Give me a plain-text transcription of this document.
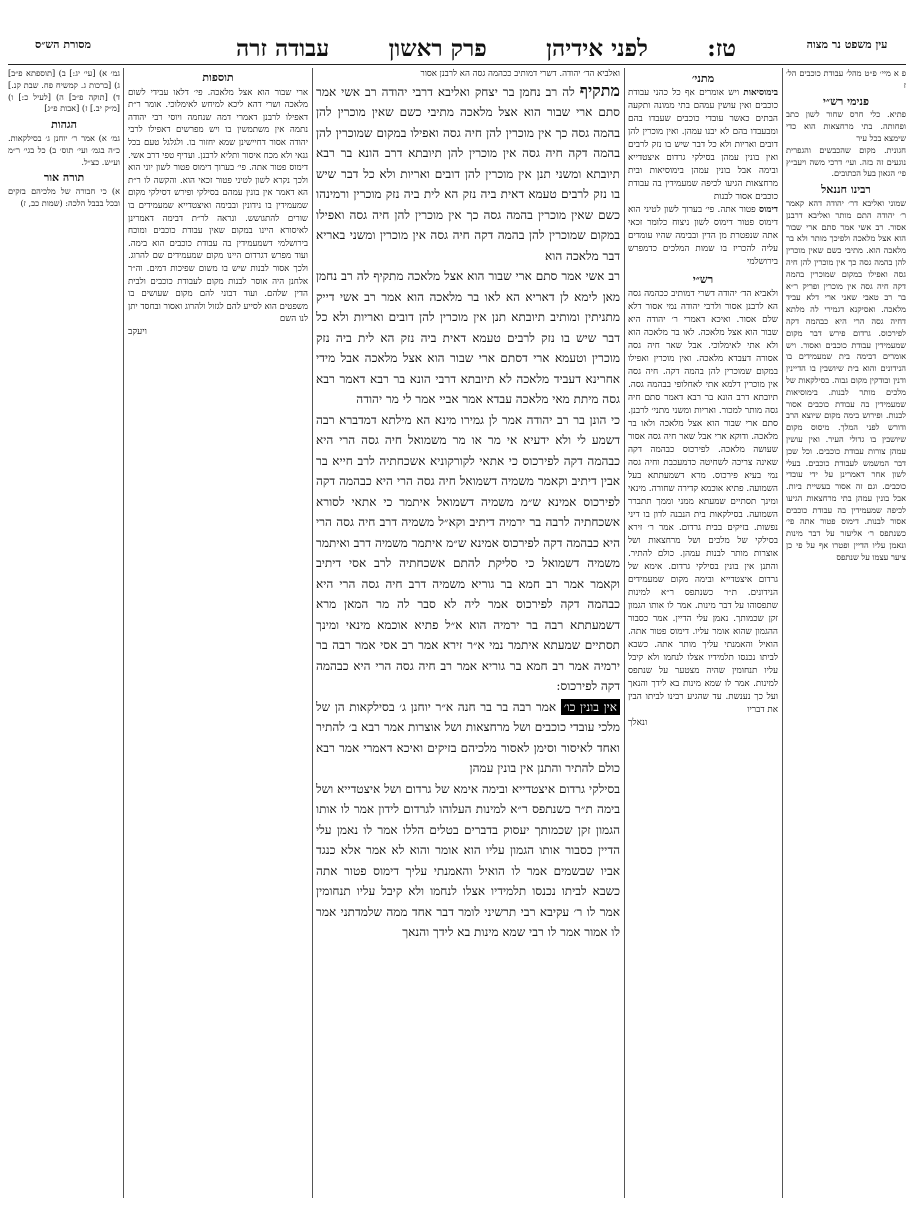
מסורת הש״ס	טז:
לפני אידיהן
פרק ראשון
עבודה זרה	עין משפט נר מצוה
גמ׳ א) [עי׳ יג:] ב) [תוספתא פ״ב] ג) [ברכות ג. קמשיח פח. שבת קנ.] ד) [תוקה פ״ב] ה) [לעיל כ:] ו) [מ״ק יב.] ז) [אבות פ״ג]
הגהות
גמ׳ א) אמר ר׳ יוחנן ג׳ בסילקאות. כ״ה בגמ׳ ועי׳ תוס׳ ב) כל בגי׳ ר״מ וע״ש. כצ״ל.
תורה אור
א) כי חבורה של מלכיהם בזקים ובכל בבבל הלכה: (שמות כב, ז)
תוספות
ארי שבור הוא אצל מלאכה. פי׳ דלאו עבידי לשום מלאכה ושרי דהא ליכא למיחש לאימלוכי. אומר ר״ת דאפילו לרבנן דאמרי דמה שנחמה ויוסי רבי יהודה נתמה אין משתמשין בו ויש מפרשים דאפילו לרבי יהודה אסור דחיישינן שמא יחזור בו. ולגלגל טעם בכל גנאי ולא מכח איסור ותליא לרבנן. ועדיף טפי דרב אשי. דימוס פטור אתה. פי׳ בערוך דימוס פטור לשון יוני הוא ולכך נקרא לשון לטיני פטור זכאי הוא. והקשה לו ר״ת הא דאמר אין בונין עמהם בסילקי ופירש דסילקי מקום שמעמידין בו נידונין ובבימה ואיצטדייא שמעמידים בו שורים להתגושש. ונראה לר״ת דבימה דאמרינן לאיסורא היינו במקום שאין עבודת כוכבים ומוכח בירושלמי דשמעמידין בה עבודת כוכבים הוא בימה. ועוד מפרש דגרדום היינו מקום שמעמידים שם להרוג. ולכך אסור לבנות שיש בו משום שפיכות דמים. וה״ר אלחנן היה אוסר לבנות מקום לעבודת כוכבים ולבית הדין שלהם. ועוד דבוני להם מקום שעושים בו משפטים הוא לסייע להם לגזול ולהרוג ואסור ובחסד יתן לנו השם
ויעקב
ואלביא הד׳ יהודה. דשרי דמותיב ככהמה גסה הא לרבנן אסור
מתקיף לה רב נחמן בר יצחק ואליבא דרבי יהודה רב אשי אמר סתם ארי שבור הוא אצל מלאכה מתיבי כשם שאין מוכרין להן בהמה גסה כך אין מוכרין להן חיה גסה ואפילו במקום שמוכרין להן בהמה דקה חיה גסה אין מוכרין להן תיובתא דרב הונא בר רבא תיובתא ומשני תנן אין מוכרין להן דובים ואריות ולא כל דבר שיש בו נזק לרבים טעמא דאית ביה נזק הא לית ביה נזק מוכרין ורמינהו כשם שאין מוכרין בהמה גסה כך אין מוכרין להן חיה גסה ואפילו במקום שמוכרין להן בהמה דקה חיה גסה אין מוכרין ומשני באריא דבר מלאכה הוא
רב אשי אמר סתם ארי שבור הוא אצל מלאכה מתקיף לה רב נחמן מאן לימא לן דאריא הא לאו בר מלאכה הוא אמר רב אשי דייק מתניתין ומותיב תיובתא תנן אין מוכרין להן דובים ואריות ולא כל דבר שיש בו נזק לרבים טעמא דאית ביה נזק הא לית ביה נזק מוכרין וטעמא ארי דסתם ארי שבור הוא אצל מלאכה אבל מידי אחרינא דעביד מלאכה לא תיובתא דרבי הונא בר רבא דאמר רבא גסה מיתת מאי מלאכה עבדא אמר אביי אמר לי מר יהודה
כי הונן בר רב יהודה אמר לן גמירו מינא הא מילתא דמדברא רבה דשמע לי ולא ידעיא אי מר או מר משמואל חיה גסה הרי היא כבהמה דקה לפירכוס כי אתאי לקורקוניא אשכחתיה לרב חייא בר אבין דיתיב וקאמר משמיה דשמואל חיה גסה הרי היא כבהמה דקה לפירכוס אמינא ש״מ משמיה דשמואל איתמר כי אתאי לסורא אשכחתיה לרבה בר ירמיה דיתיב וקא״ל משמיה דרב חיה גסה הרי היא כבהמה דקה לפירכוס אמינא ש״מ איתמר משמיה דרב ואיתמר משמיה דשמואל כי סליקת להתם אשכחתיה לרב אסי דיתיב וקאמר אמר רב חמא בר גוריא משמיה דרב חיה גסה הרי היא כבהמה דקה לפירכוס אמר ליה לא סבר לה מר המאן מרא דשמעתתא רבה בר ירמיה הוא א״ל פתיא אוכמא מינאי ומינך תסתיים שמעתא איתמר נמי א״ר זירא אמר רב אסי אמר רבה בר ירמיה אמר רב חמא בר גוריא אמר רב חיה גסה הרי היא כבהמה דקה לפירכוס:
אין בונין כו׳ אמר רבה בר בר חנה א״ר יוחנן ג׳ בסילקאות הן של מלכי עובדי כוכבים ושל מרחצאות ושל אוצרות אמר רבא ב׳ להתיר ואחד לאיסור וסימן לאסור מלכיהם בזיקים ואיכא דאמרי אמר רבא כולם להתיר והתנן אין בונין עמהן
בסילקי גרדום איצטדייא ובימה אימא של גרדום ושל איצטדייא ושל בימה ת״ר כשנתפס ר״א למינות העלוהו לגרדום לידון אמר לו אותו הגמון זקן שכמותך יעסוק בדברים בטלים הללו אמר לו נאמן עלי הדיין כסבור אותו הגמון עליו הוא אומר והוא לא אמר אלא כנגד אביו שבשמים אמר לו הואיל והאמנתי עליך דימוס פטור אתה כשבא לביתו נכנסו תלמידיו אצלו לנחמו ולא קיבל עליו תנחומין אמר לו ר׳ עקיבא רבי תרשיני לומר דבר אחד ממה שלמדתני אמר לו אמור אמר לו רבי שמא מינות בא לידך והנאך
מתני׳
בימוסיאות ויש אומרים אף כל כהני עבודת כוכבים ואין עושין עמהם בתי ממונה ותקעה הבתים כאשר עובדי כוכבים שעבדו בהם ומבעבדו בהם לא יבנו עמהן. ואין מוכרין להן דובים ואריות ולא כל דבר שיש בו נזק לרבים ואין בונין עמהן בסילקי גרדום איצטדייא ובימה אבל בונין עמהן בימוסיאות ובית מרחצאות הגיעו לכיפה שמעמידין בה עבודת כוכבים אסור לבנות
דימוס פטור אתה. פי׳ בערוך לשון לטיני הוא דימוס פטור דימוס לשון ניצוח כלומר זכאי אתה שנפטרת מן הדין ובבימה שהיו עומדים עליה להכריז בו שמות המלכים כדמפרש בירושלמי
רש״י
ולאביא הד׳ יהודה דשרי דמותיב ככהמה גסה הא לרבנן אסור ולרבי יהודה נמי אסור דלא שלם אסור. ואיכא דאמרי ר׳ יהודה היא שבור הוא אצל מלאכה. לאו בר מלאכה הוא ולא אתי לאימלוכי. אבל שאר חיה גסה אסורה דעבדא מלאכה. ואין מוכרין ואפילו במקום שמוכרין להן בהמה דקה. חיה גסה אין מוכרין דלמא אתי לאחלופי בבהמה גסה. תיובתא דרב הונא בר רבא דאמר סתם חיה גסה מותר למכור. ואריות ומשני מתני׳ לרבנן. סתם ארי שבור הוא אצל מלאכה ולאו בר מלאכה. ודוקא ארי אבל שאר חיה גסה אסור שעושה מלאכה. לפירכוס כבהמה דקה שאינה צריכה לשחיטה כדמעכבת וחיה גסה נמי בעיא פירכוס. מרא דשמעתתא בעל השמועה. פתיא אוכמא קדירה שחורה. מינאי ומינך תסתיים שמעתא ממני וממך תתברר השמועה. בסילקאות בית הנבנה לדון בו דיני נפשות. בזיקים בבית גרדום. אמר ר׳ זירא בסילקי של מלכים ושל מרחצאות ושל אוצרות מותר לבנות עמהן. כולם להתיר. והתנן אין בונין בסילקי גרדום. אימא של גרדום איצטדייא ובימה מקום שמעמידים הנידונים. ת״ר כשנתפס ר״א למינות שתפסוהו על דבר מינות. אמר לו אותו הגמון זקן שכמותך. נאמן עלי הדיין. אמר כסבור ההגמון שהוא אומר עליו. דימוס פטור אתה. הואיל והאמנתי עליך מותר אתה. כשבא לביתו נכנסו תלמידיו אצלו לנחמו ולא קיבל עליו תנחומין שהיה מצטער על שנתפס למינות. אמר לו שמא מינות בא לידך והנאך ועל כך נענשת. עד שהגיע רבינו לביתו הבין את דבריו
ונאלך
פ א מיי׳ פ״ט מהל׳ עבודת כוכבים הל׳ ז
פנימי רש״י
פתיא. כלי חרס שחור לשון כתב ופחותה. בתי מרחצאות הוא כדי שימצא בכל עיר
חגונית. מקום שהכבשים והגפרית נוגעים זה בזה. ועי׳ דרכי משה ויעב״ץ פי׳ הגאון בעל הכתובים.
רבינו חננאל
שמוני ואליבא דר׳ יהודה דהא קאמר ר׳ יהודה התם מותר ואליבא דרבנן אסור. רב אשי אמר סתם ארי שבור הוא אצל מלאכה ולפיכך מותר ולא בר מלאכה הוא. מתיבי כשם שאין מוכרין להן בהמה גסה כך אין מוכרין להן חיה גסה ואפילו במקום שמוכרין בהמה דקה חיה גסה אין מוכרין ופריק ר״א בר רב טאבי שאני ארי דלא עביד מלאכה. ואסיקנא דגמירי לה מלתא דחיה גסה הרי היא כבהמה דקה לפירכוס. גרדום פירש דבר מקום שמעמידין עבודת כוכבים ואסור. ויש אומרים דבימה בית שמעמידים בו הנידונים והוא בית שיושבין בו הדיינין ודנין ובודקין מקום גבוה. בסילקאות של מלכים מותר לבנות. בימוסיאות שמעמידין בה עבודת כוכבים אסור לבנות. ופירוש בימה מקום שיוצא הרב ודורש לפני המלך. מיסוס מקום שיושבין בו גדולי העיר. ואין עושין עמהן צורות עבודת כוכבים. וכל שכן דבר המשמש לעבודת כוכבים. בעלי לשון אחר דאמרינן על ידי עובדי כוכבים. וגם זה אסור בעשיית ביות. אבל בונין עמהן בתי מרחצאות הגיעו לכיפה שמעמידין בה עבודת כוכבים אסור לבנות. דימוס פטור אתה פי׳ כשנתפס ר׳ אליעזר על דבר מינות ונאמן עליו הדיין ופטרו אף על פי כן ציער עצמו על שנתפס
